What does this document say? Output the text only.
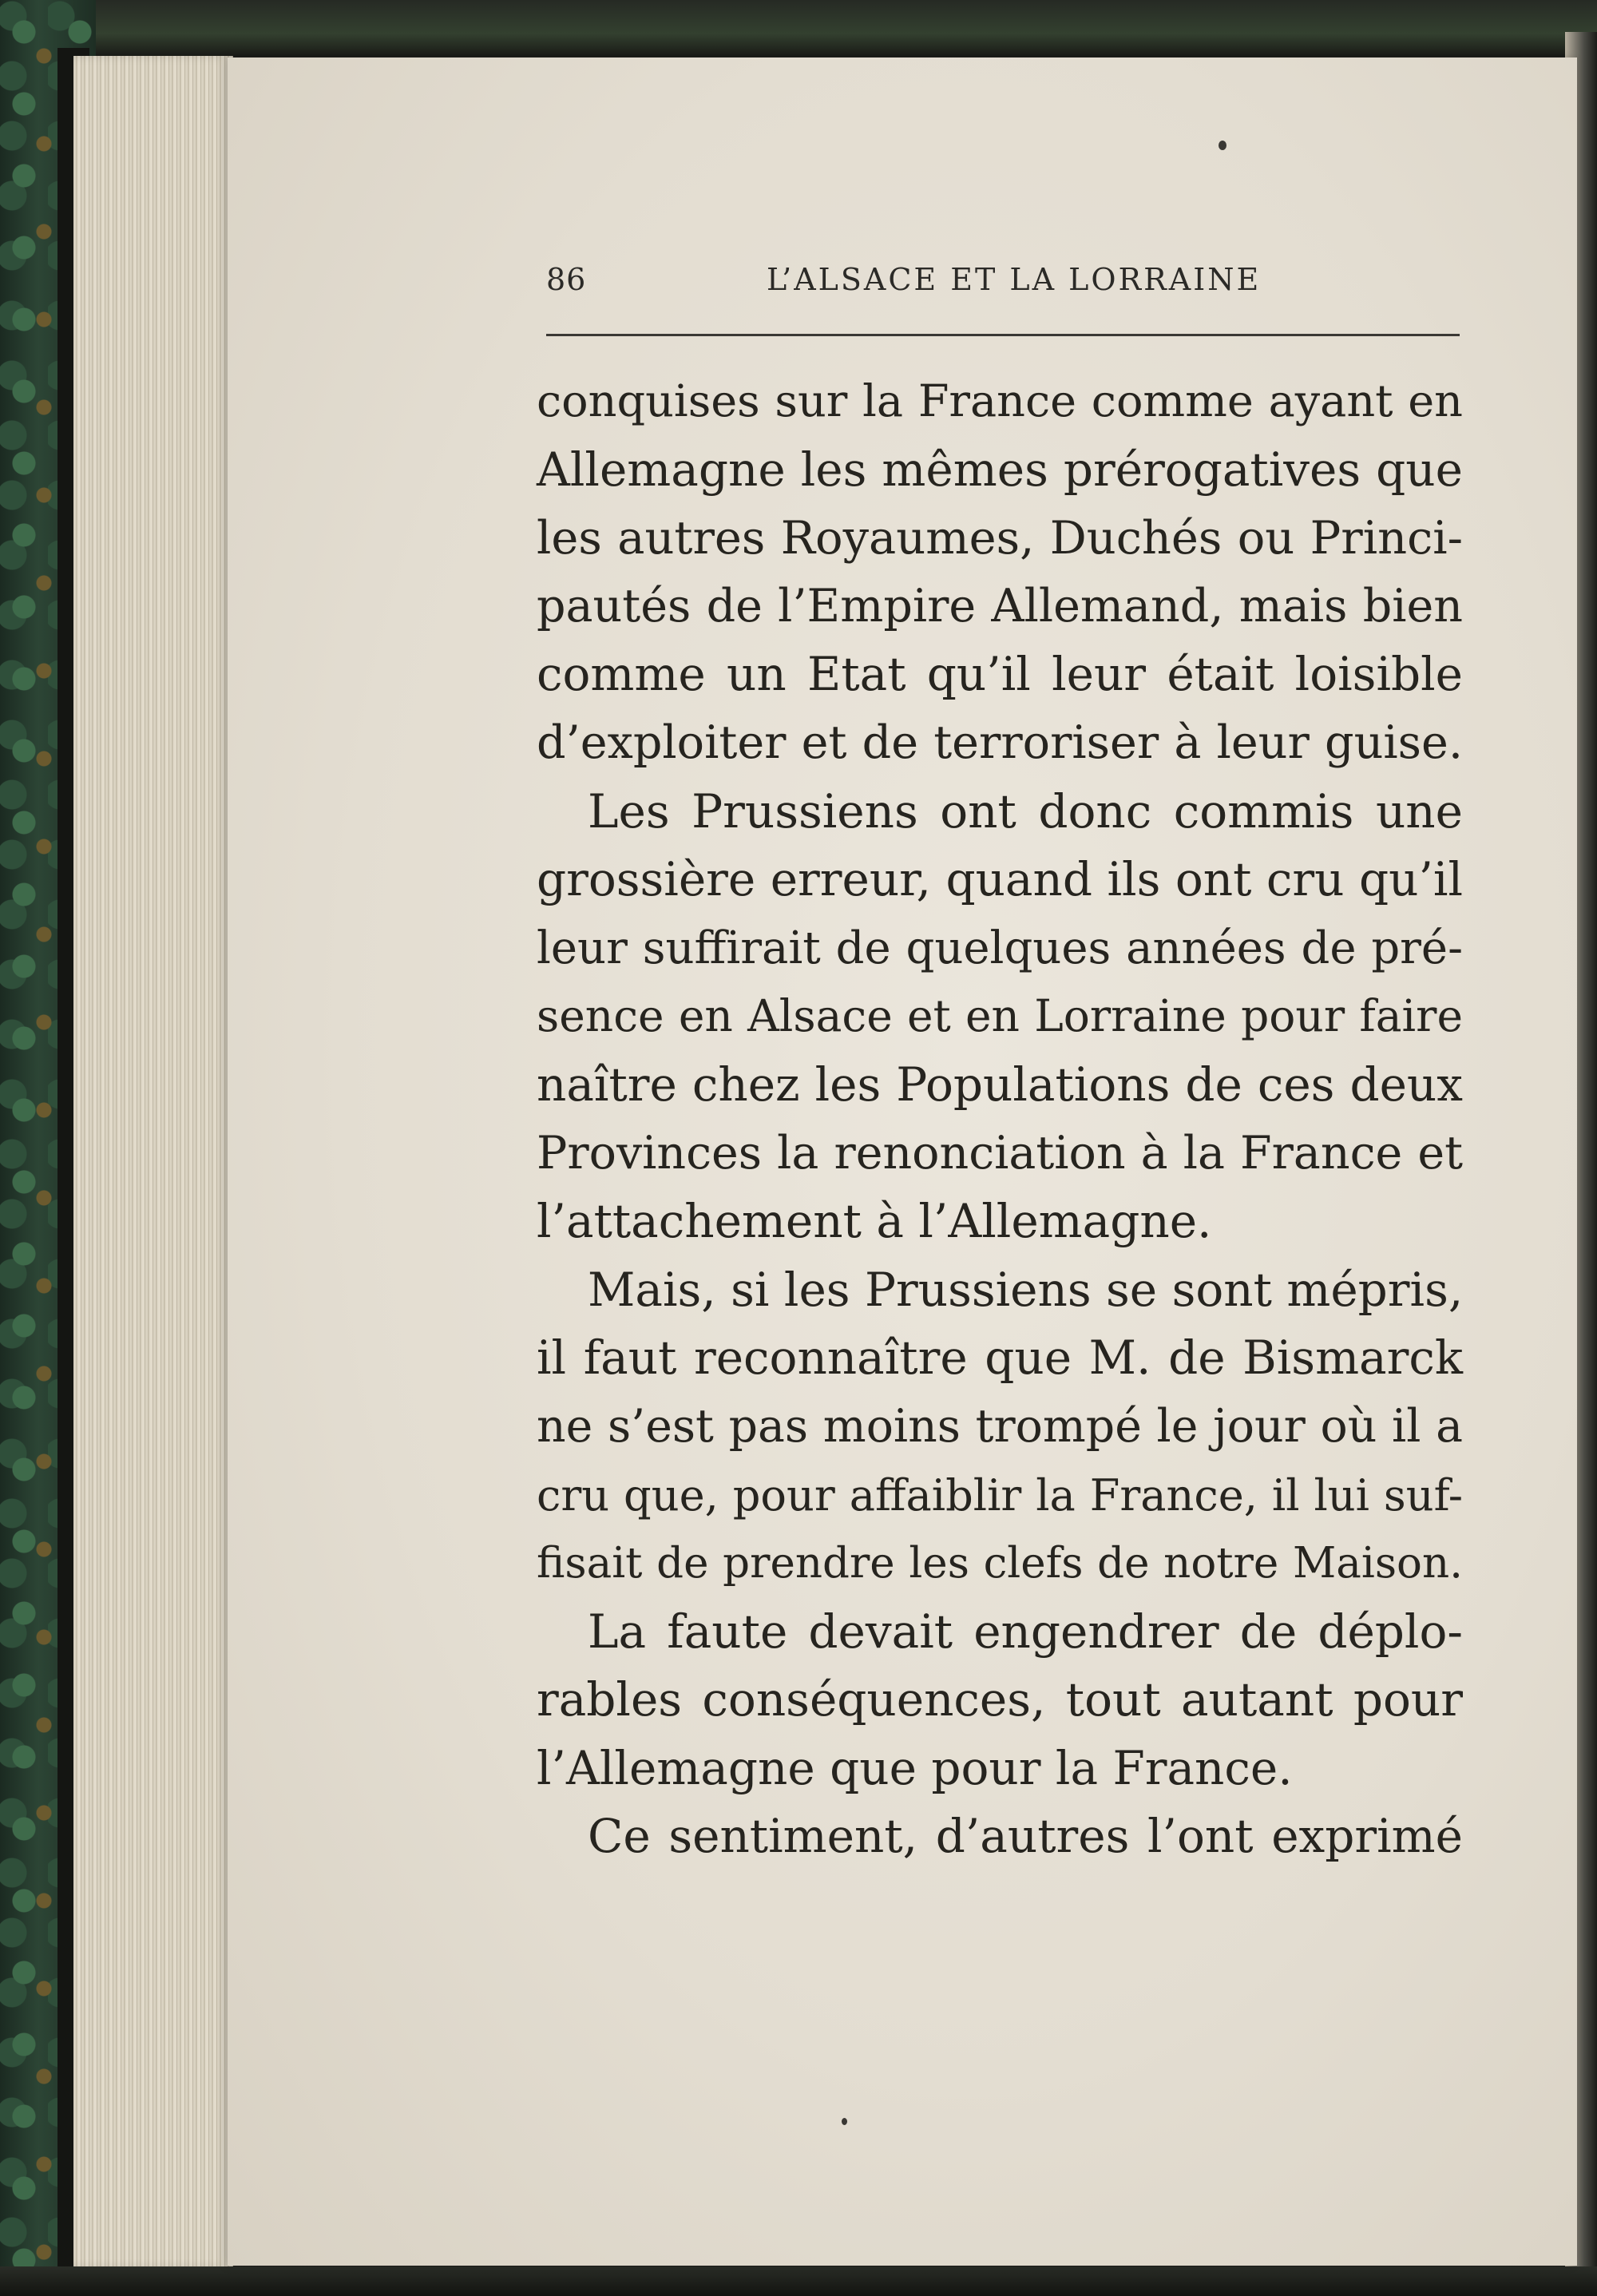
86	L’ALSACE ET LA LORRAINE
conquises sur la France comme ayant en
Allemagne les mêmes prérogatives que
les autres Royaumes, Duchés ou Princi-
pautés de l’Empire Allemand, mais bien
comme un Etat qu’il leur était loisible
d’exploiter et de terroriser à leur guise.
Les Prussiens ont donc commis une
grossière erreur, quand ils ont cru qu’il
leur suffirait de quelques années de pré-
sence en Alsace et en Lorraine pour faire
naître chez les Populations de ces deux
Provinces la renonciation à la France et
l’attachement à l’Allemagne.
Mais, si les Prussiens se sont mépris,
il faut reconnaître que M. de Bismarck
ne s’est pas moins trompé le jour où il a
cru que, pour affaiblir la France, il lui suf-
fisait de prendre les clefs de notre Maison.
La faute devait engendrer de déplo-
rables conséquences, tout autant pour
l’Allemagne que pour la France.
Ce sentiment, d’autres l’ont exprimé
